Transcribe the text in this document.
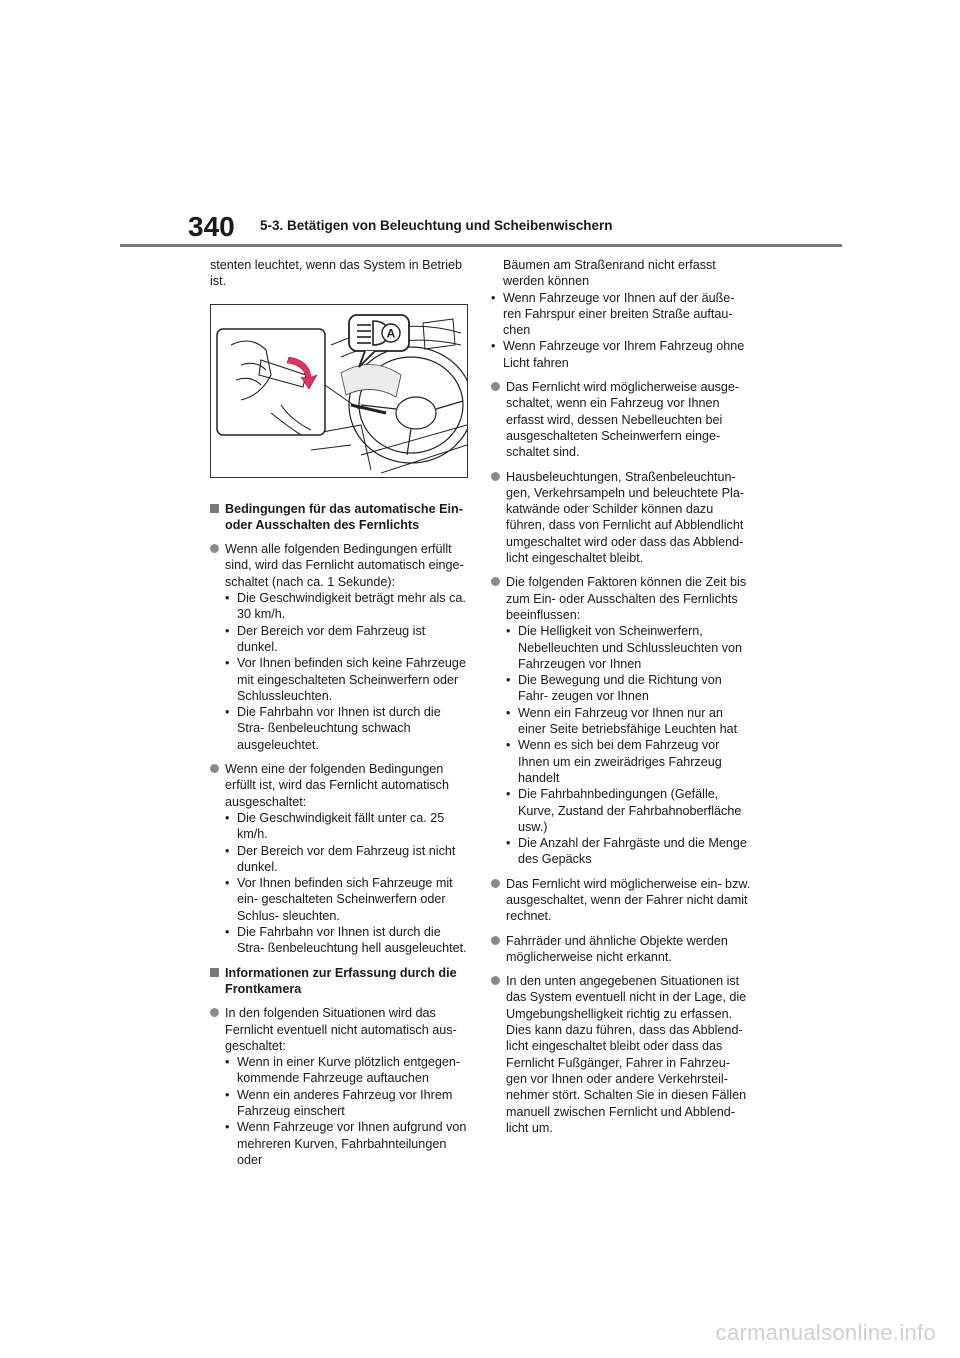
340 5-3. Betätigen von Beleuchtung und Scheibenwischern

stenten leuchtet, wenn das System in Betrieb ist.

A
Bedingungen für das automatische Ein- oder Ausschalten des Fernlichts

Wenn alle folgenden Bedingungen erfüllt sind, wird das Fernlicht automatisch einge- schaltet (nach ca. 1 Sekunde):

• Die Geschwindigkeit beträgt mehr als ca. 30 km/h.
• Der Bereich vor dem Fahrzeug ist dunkel.
• Vor Ihnen befinden sich keine Fahrzeuge mit eingeschalteten Scheinwerfern oder Schlussleuchten.
• Die Fahrbahn vor Ihnen ist durch die Stra- ßenbeleuchtung schwach ausgeleuchtet.

Wenn eine der folgenden Bedingungen erfüllt ist, wird das Fernlicht automatisch ausgeschaltet:

• Die Geschwindigkeit fällt unter ca. 25 km/h.
• Der Bereich vor dem Fahrzeug ist nicht dunkel.
• Vor Ihnen befinden sich Fahrzeuge mit ein- geschalteten Scheinwerfern oder Schlus- sleuchten.
• Die Fahrbahn vor Ihnen ist durch die Stra- ßenbeleuchtung hell ausgeleuchtet.
Informationen zur Erfassung durch die Frontkamera

In den folgenden Situationen wird das Fernlicht eventuell nicht automatisch aus- geschaltet:

• Wenn in einer Kurve plötzlich entgegen- kommende Fahrzeuge auftauchen
• Wenn ein anderes Fahrzeug vor Ihrem Fahrzeug einschert
• Wenn Fahrzeuge vor Ihnen aufgrund von mehreren Kurven, Fahrbahnteilungen oder
Bäumen am Straßenrand nicht erfasst werden können
• Wenn Fahrzeuge vor Ihnen auf der äuße- ren Fahrspur einer breiten Straße auftau- chen
• Wenn Fahrzeuge vor Ihrem Fahrzeug ohne Licht fahren

Das Fernlicht wird möglicherweise ausge- schaltet, wenn ein Fahrzeug vor Ihnen erfasst wird, dessen Nebelleuchten bei ausgeschalteten Scheinwerfern einge- schaltet sind.

Hausbeleuchtungen, Straßenbeleuchtun- gen, Verkehrsampeln und beleuchtete Pla- katwände oder Schilder können dazu führen, dass von Fernlicht auf Abblendlicht umgeschaltet wird oder dass das Abblend- licht eingeschaltet bleibt.

Die folgenden Faktoren können die Zeit bis zum Ein- oder Ausschalten des Fernlichts beeinflussen:

• Die Helligkeit von Scheinwerfern, Nebelleuchten und Schlussleuchten von Fahrzeugen vor Ihnen
• Die Bewegung und die Richtung von Fahr- zeugen vor Ihnen
• Wenn ein Fahrzeug vor Ihnen nur an einer Seite betriebsfähige Leuchten hat
• Wenn es sich bei dem Fahrzeug vor Ihnen um ein zweirädriges Fahrzeug handelt
• Die Fahrbahnbedingungen (Gefälle, Kurve, Zustand der Fahrbahnoberfläche usw.)
• Die Anzahl der Fahrgäste und die Menge des Gepäcks

Das Fernlicht wird möglicherweise ein- bzw. ausgeschaltet, wenn der Fahrer nicht damit rechnet.

Fahrräder und ähnliche Objekte werden möglicherweise nicht erkannt.

In den unten angegebenen Situationen ist das System eventuell nicht in der Lage, die Umgebungshelligkeit richtig zu erfassen. Dies kann dazu führen, dass das Abblend- licht eingeschaltet bleibt oder dass das Fernlicht Fußgänger, Fahrer in Fahrzeu- gen vor Ihnen oder andere Verkehrsteil- nehmer stört. Schalten Sie in diesen Fällen manuell zwischen Fernlicht und Abblend- licht um.

carmanualsonline.info
